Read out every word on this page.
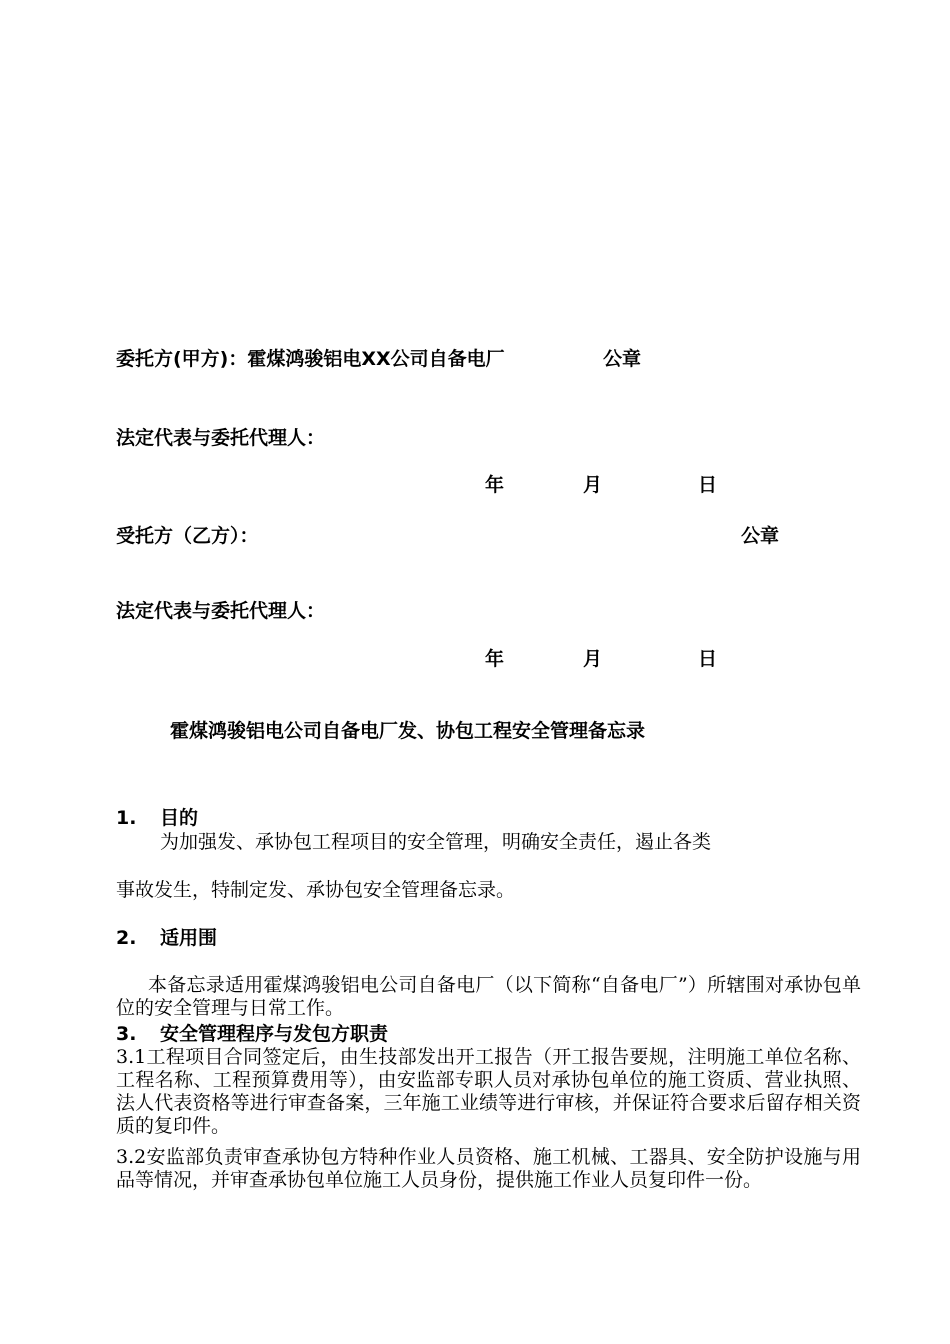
委托方(甲方)：霍煤鸿骏铝电XX公司自备电厂	公章
法定代表与委托代理人：
年	月	日
受托方（乙方）：	公章
法定代表与委托代理人：
年	月	日
霍煤鸿骏铝电公司自备电厂发、协包工程安全管理备忘录
1. 目的
为加强发、承协包工程项目的安全管理，明确安全责任，遏止各类
事故发生，特制定发、承协包安全管理备忘录。
2. 适用围
本备忘录适用霍煤鸿骏铝电公司自备电厂（以下简称“自备电厂”）所辖围对承协包单位的安全管理与日常工作。
3. 安全管理程序与发包方职责
3.1工程项目合同签定后，由生技部发出开工报告（开工报告要规，注明施工单位名称、工程名称、工程预算费用等），由安监部专职人员对承协包单位的施工资质、营业执照、法人代表资格等进行审查备案，三年施工业绩等进行审核，并保证符合要求后留存相关资质的复印件。
3.2安监部负责审查承协包方特种作业人员资格、施工机械、工器具、安全防护设施与用品等情况，并审查承协包单位施工人员身份，提供施工作业人员复印件一份。
